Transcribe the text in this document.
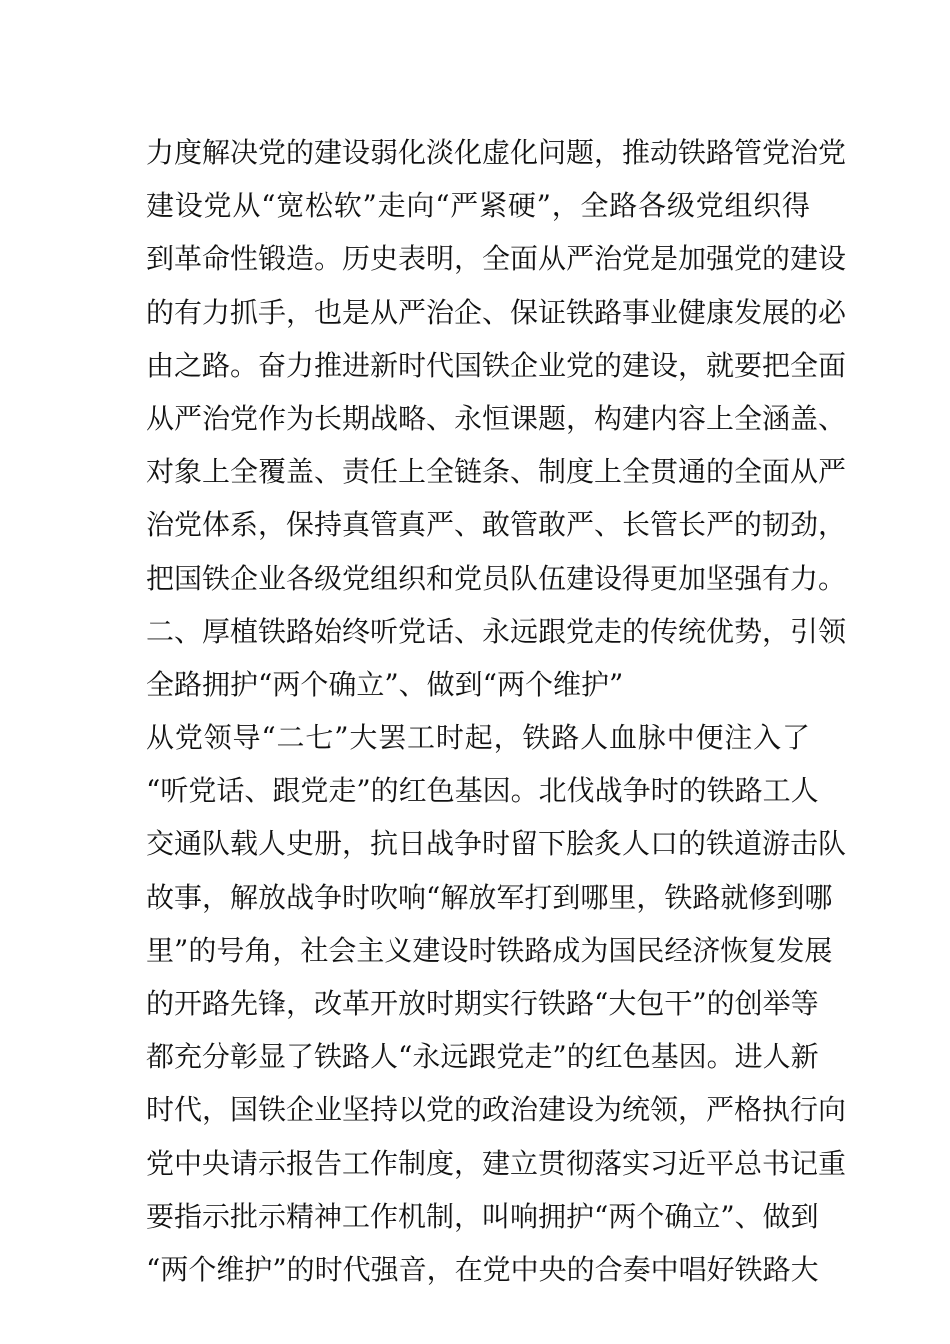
力度解决党的建设弱化淡化虚化问题，推动铁路管党治党
建设党从“宽松软”走向“严紧硬”，全路各级党组织得
到革命性锻造。历史表明，全面从严治党是加强党的建设
的有力抓手，也是从严治企、保证铁路事业健康发展的必
由之路。奋力推进新时代国铁企业党的建设，就要把全面
从严治党作为长期战略、永恒课题，构建内容上全涵盖、
对象上全覆盖、责任上全链条、制度上全贯通的全面从严
治党体系，保持真管真严、敢管敢严、长管长严的韧劲，
把国铁企业各级党组织和党员队伍建设得更加坚强有力。
二、厚植铁路始终听党话、永远跟党走的传统优势，引领
全路拥护“两个确立”、做到“两个维护”
从党领导“二七”大罢工时起，铁路人血脉中便注入了
“听党话、跟党走”的红色基因。北伐战争时的铁路工人
交通队载人史册，抗日战争时留下脍炙人口的铁道游击队
故事，解放战争时吹响“解放军打到哪里，铁路就修到哪
里”的号角，社会主义建设时铁路成为国民经济恢复发展
的开路先锋，改革开放时期实行铁路“大包干”的创举等
都充分彰显了铁路人“永远跟党走”的红色基因。进人新
时代，国铁企业坚持以党的政治建设为统领，严格执行向
党中央请示报告工作制度，建立贯彻落实习近平总书记重
要指示批示精神工作机制，叫响拥护“两个确立”、做到
“两个维护”的时代强音，在党中央的合奏中唱好铁路大
